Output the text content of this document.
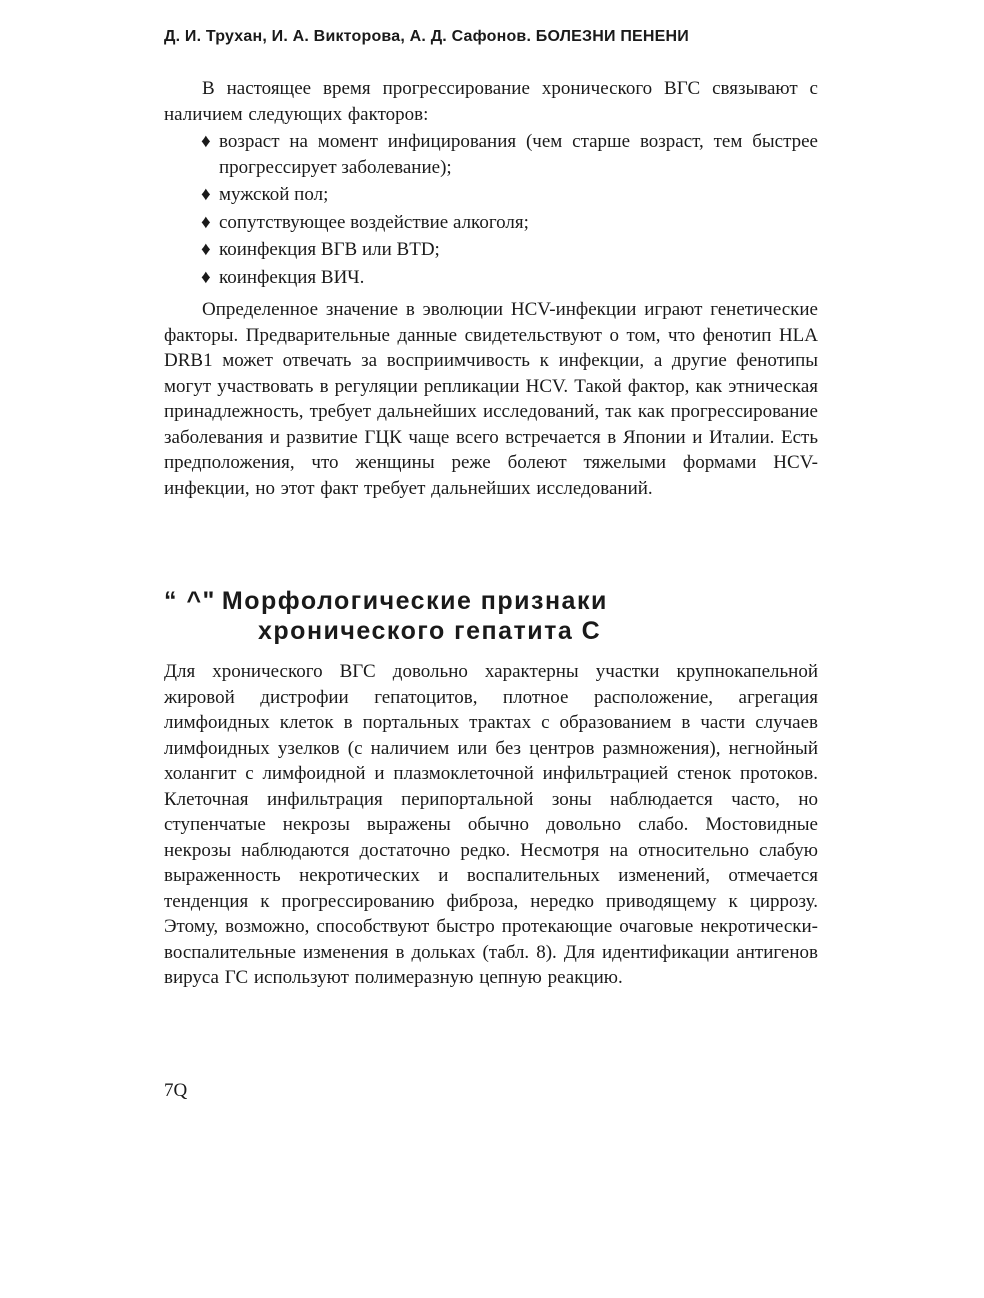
Д. И. Трухан, И. А. Викторова, А. Д. Сафонов. БОЛЕЗНИ ПЕНЕНИ

В настоящее время прогрессирование хронического ВГС связывают с наличием следующих факторов:

♦ возраст на момент инфицирования (чем старше возраст, тем быстрее прогрессирует заболевание);
♦ мужской пол;
♦ сопутствующее воздействие алкоголя;
♦ коинфекция ВГВ или BTD;
♦ коинфекция ВИЧ.

Определенное значение в эволюции HCV-инфекции играют генетические факторы. Предварительные данные свидетельствуют о том, что фенотип HLA DRB1 может отвечать за восприимчивость к инфекции, а другие фенотипы могут участвовать в регуляции репликации HCV. Такой фактор, как этническая принадлежность, требует дальнейших исследований, так как прогрессирование заболевания и развитие ГЦК чаще всего встречается в Японии и Италии. Есть предположения, что женщины реже болеют тяжелыми формами HCV-инфекции, но этот факт требует дальнейших исследований.

“ ^" Морфологические признаки
хронического гепатита С

Для хронического ВГС довольно характерны участки крупнокапельной жировой дистрофии гепатоцитов, плотное расположение, агрегация лимфоидных клеток в портальных трактах с образованием в части случаев лимфоидных узелков (с наличием или без центров размножения), негнойный холангит с лимфоидной и плазмоклеточной инфильтрацией стенок протоков. Клеточная инфильтрация перипортальной зоны наблюдается часто, но ступенчатые некрозы выражены обычно довольно слабо. Мостовидные некрозы наблюдаются достаточно редко. Несмотря на относительно слабую выраженность некротических и воспалительных изменений, отмечается тенденция к прогрессированию фиброза, нередко приводящему к циррозу. Этому, возможно, способствуют быстро протекающие очаговые некротически-воспалительные изменения в дольках (табл. 8). Для идентификации антигенов вируса ГС используют полимеразную цепную реакцию.

7Q
